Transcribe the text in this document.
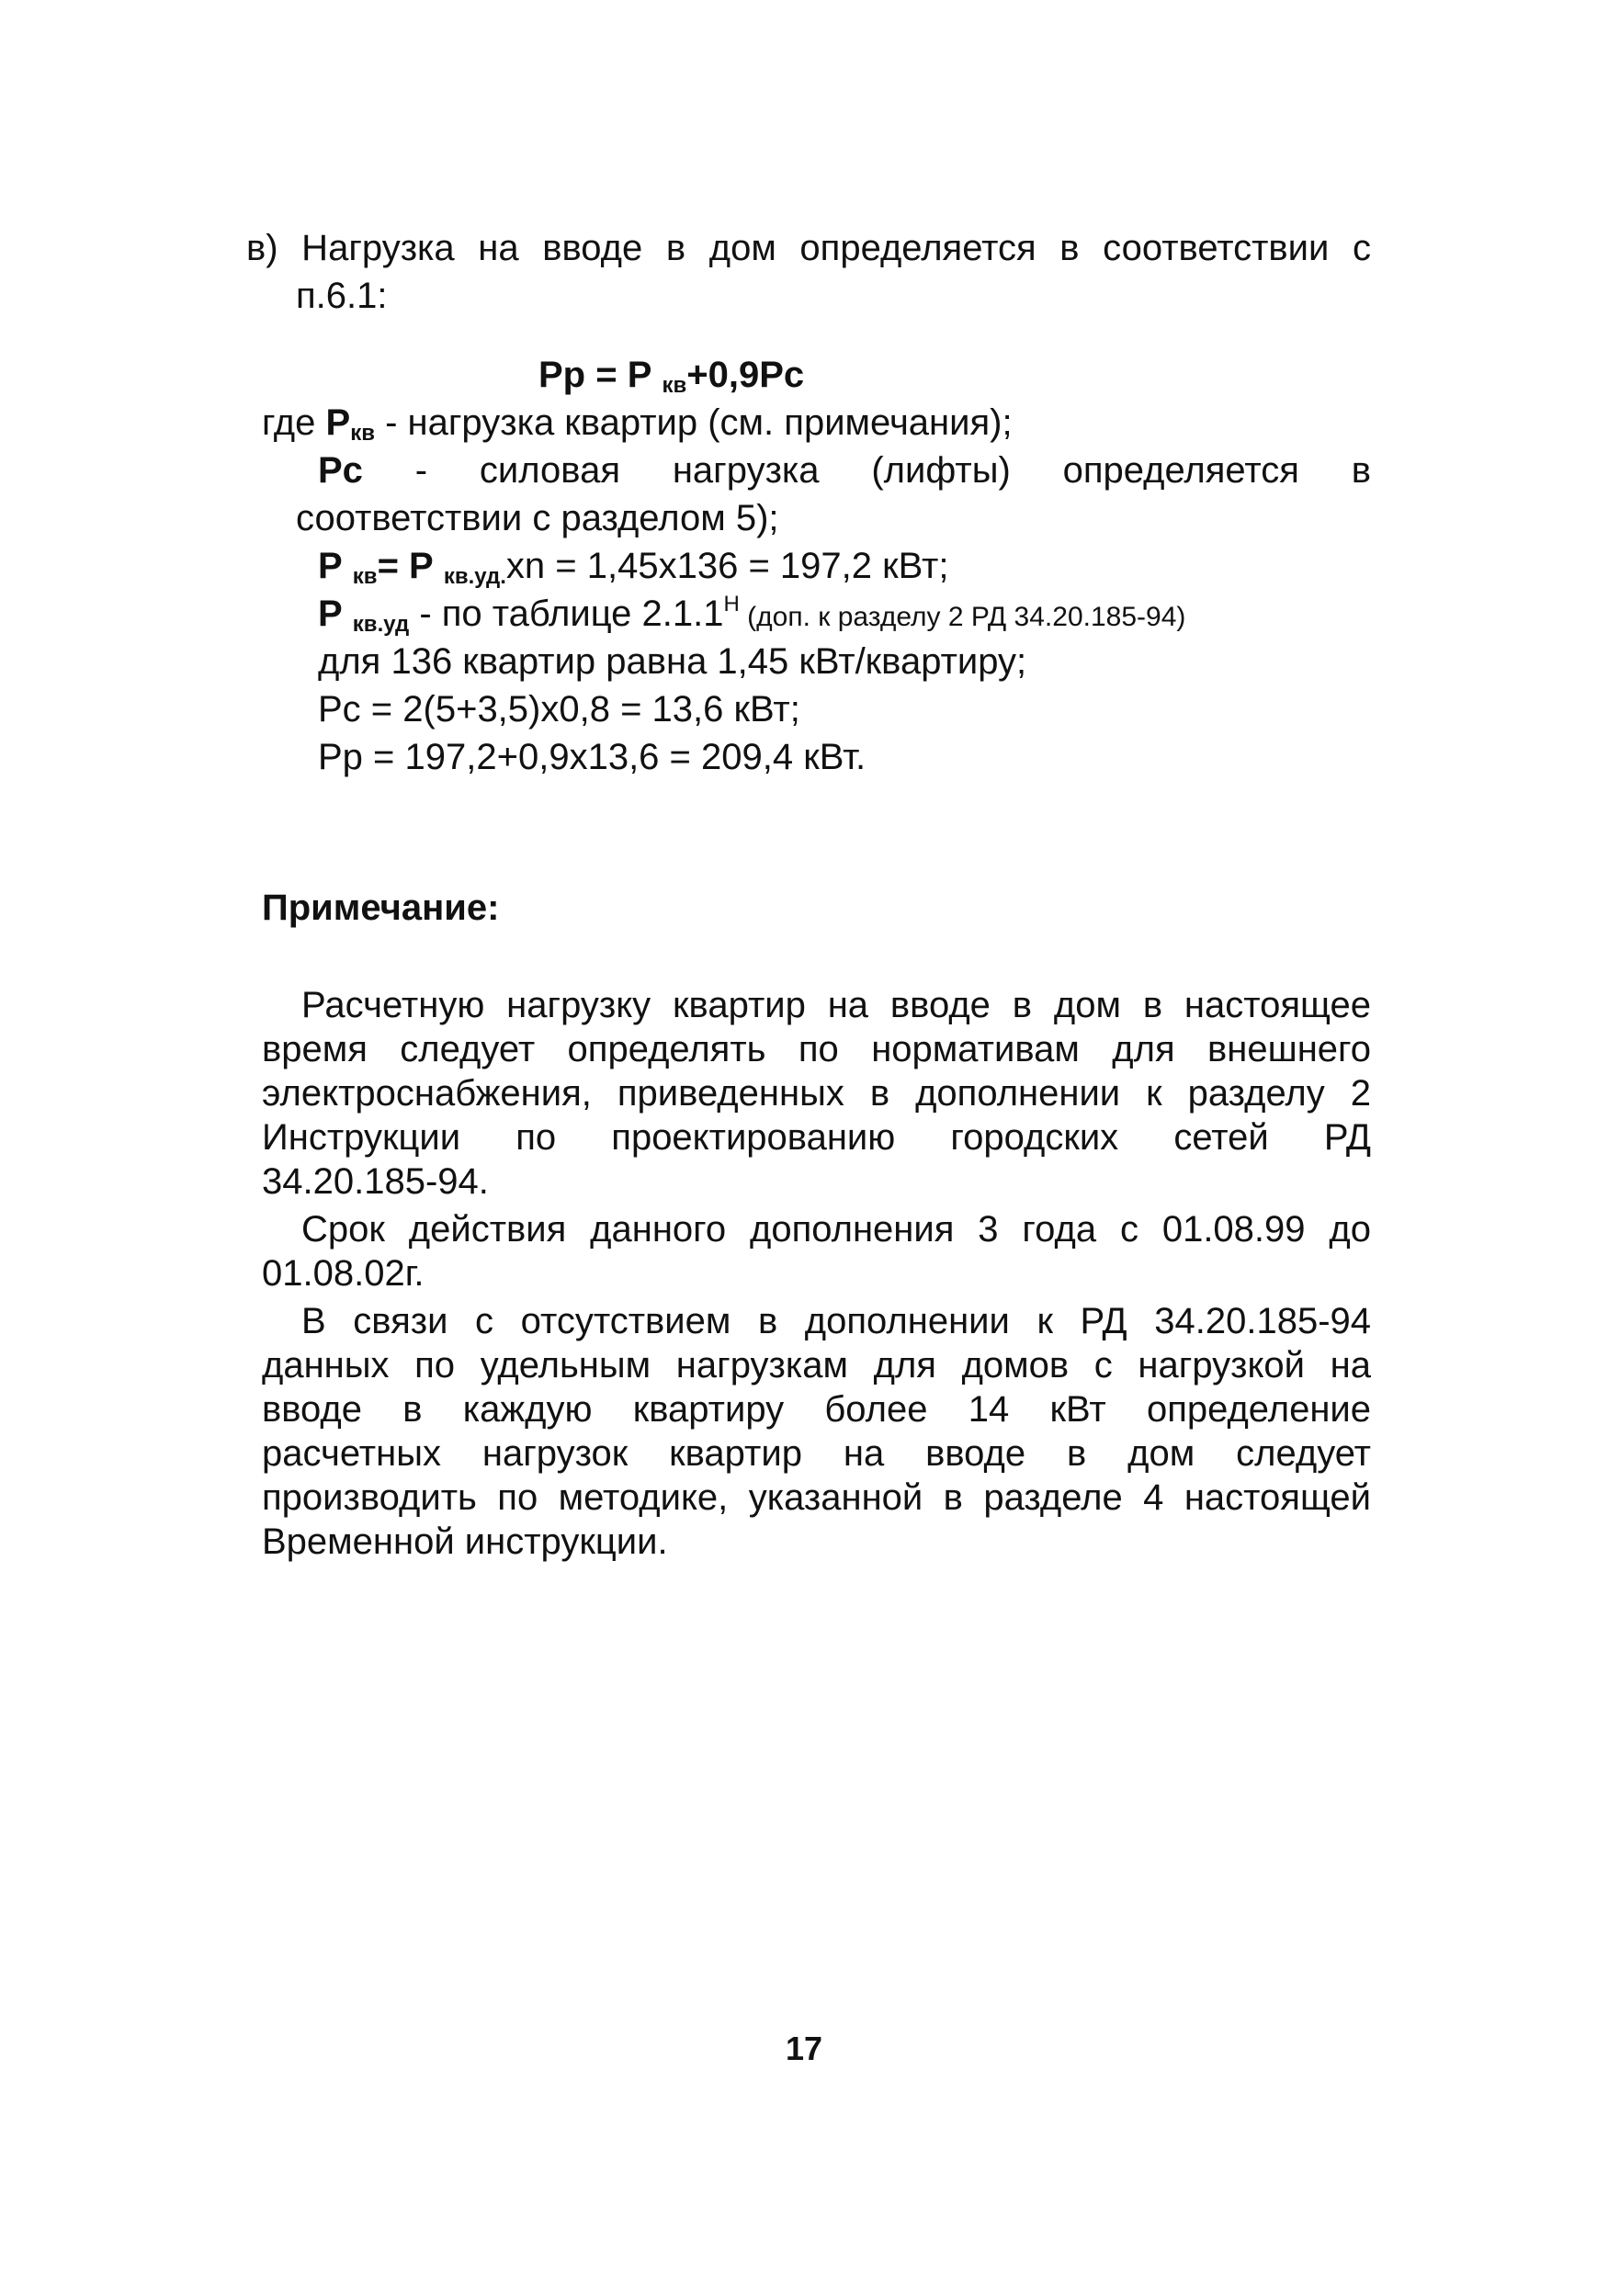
в) Нагрузка на вводе в дом определяется в соответствии с
п.6.1:
Рр = Р $_{кв}$+0,9Рс
где $Р_{кв}$ - нагрузка квартир (см. примечания);
Рс - силовая нагрузка (лифты) определяется в
соответствии с разделом 5);
Р $_{кв}$= Р $_{кв.уд.}$хn = 1,45х136 = 197,2 кВт;
Р $_{кв.уд}$ - по таблице $2.1.1^Н$ (доп. к разделу 2 РД 34.20.185-94)
для 136 квартир равна 1,45 кВт/квартиру;
Рс = 2(5+3,5)х0,8 = 13,6 кВт;
Рр = 197,2+0,9х13,6 = 209,4 кВт.
Примечание:
Расчетную нагрузку квартир на вводе в дом в настоящее
время следует определять по нормативам для внешнего
электроснабжения, приведенных в дополнении к разделу 2
Инструкции по проектированию городских сетей РД
34.20.185-94.
Срок действия данного дополнения 3 года с 01.08.99 до
01.08.02г.
В связи с отсутствием в дополнении к РД 34.20.185-94
данных по удельным нагрузкам для домов с нагрузкой на
вводе в каждую квартиру более 14 кВт определение
расчетных нагрузок квартир на вводе в дом следует
производить по методике, указанной в разделе 4 настоящей
Временной инструкции.
17
